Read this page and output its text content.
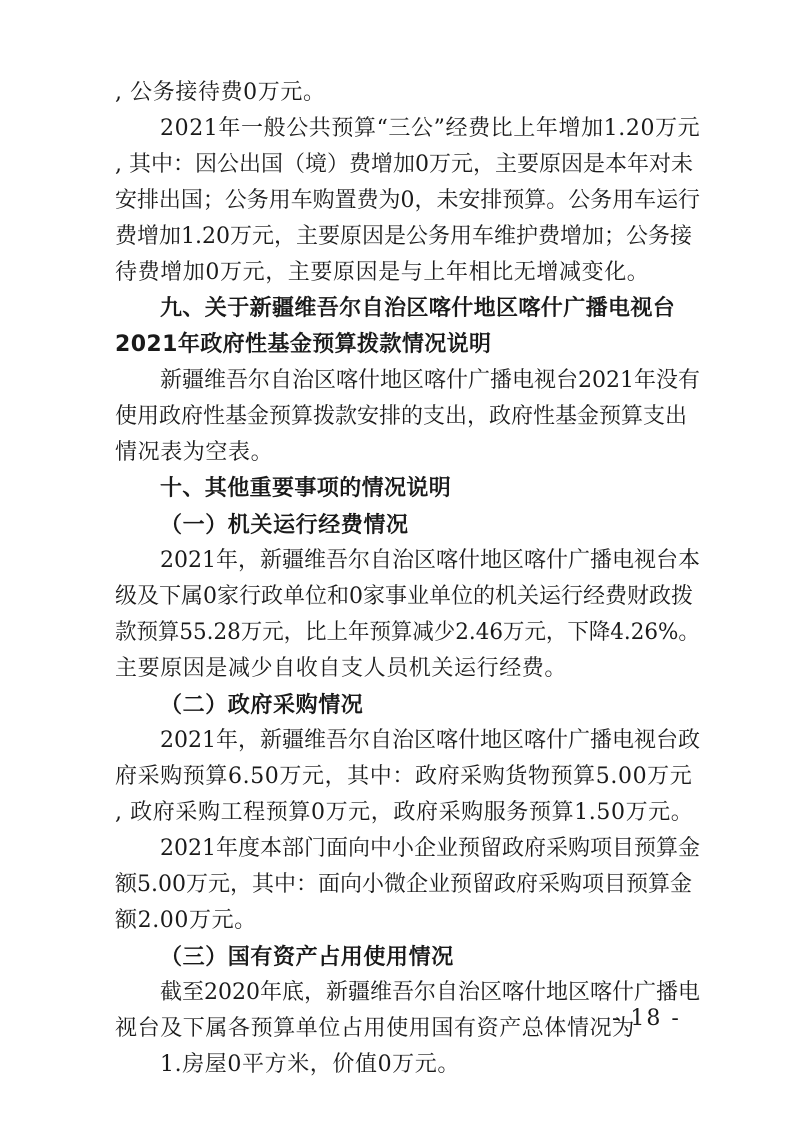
, 公务接待费0万元。
2021年一般公共预算“三公”经费比上年增加1.20万元
, 其中：因公出国（境）费增加0万元，主要原因是本年对未
安排出国；公务用车购置费为0，未安排预算。公务用车运行
费增加1.20万元，主要原因是公务用车维护费增加；公务接
待费增加0万元，主要原因是与上年相比无增减变化。
九、关于新疆维吾尔自治区喀什地区喀什广播电视台
2021年政府性基金预算拨款情况说明
新疆维吾尔自治区喀什地区喀什广播电视台2021年没有
使用政府性基金预算拨款安排的支出，政府性基金预算支出
情况表为空表。
十、其他重要事项的情况说明
（一）机关运行经费情况
2021年，新疆维吾尔自治区喀什地区喀什广播电视台本
级及下属0家行政单位和0家事业单位的机关运行经费财政拨
款预算55.28万元，比上年预算减少2.46万元，下降4.26%。
主要原因是减少自收自支人员机关运行经费。
（二）政府采购情况
2021年，新疆维吾尔自治区喀什地区喀什广播电视台政
府采购预算6.50万元，其中：政府采购货物预算5.00万元
, 政府采购工程预算0万元，政府采购服务预算1.50万元。
2021年度本部门面向中小企业预留政府采购项目预算金
额5.00万元，其中：面向小微企业预留政府采购项目预算金
额2.00万元。
（三）国有资产占用使用情况
截至2020年底，新疆维吾尔自治区喀什地区喀什广播电
视台及下属各预算单位占用使用国有资产总体情况为
1.房屋0平方米，价值0万元。
- 18 -
